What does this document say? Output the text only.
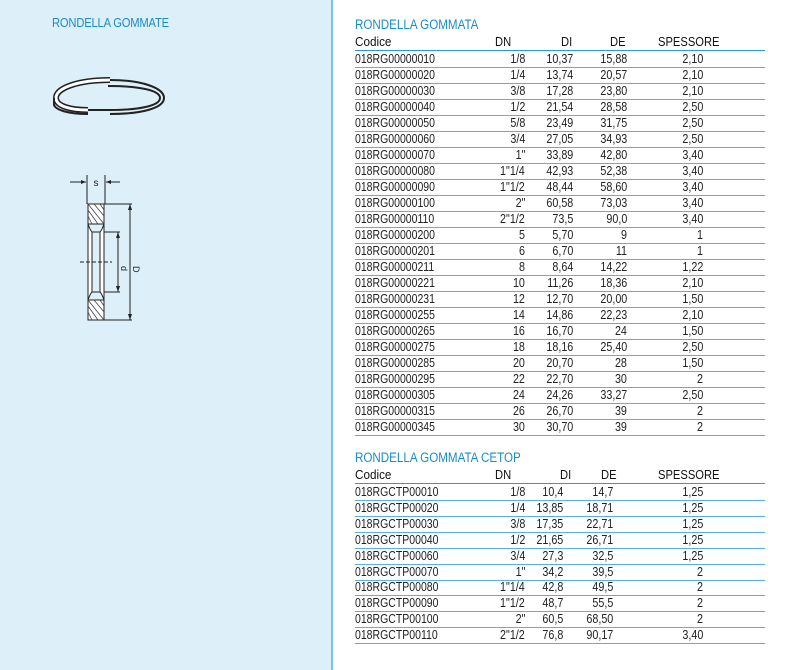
RONDELLA GOMMATE
s
d D
RONDELLA GOMMATA
Codice	DN	DI	DE SPESSORE
018RG00000010	1/8	10,37	15,88	2,10
018RG00000020	1/4	13,74	20,57	2,10
018RG00000030	3/8	17,28	23,80	2,10
018RG00000040	1/2	21,54	28,58	2,50
018RG00000050	5/8	23,49	31,75	2,50
018RG00000060	3/4	27,05	34,93	2,50
018RG00000070	1"	33,89	42,80	3,40
018RG00000080	1"1/4	42,93	52,38	3,40
018RG00000090	1"1/2	48,44	58,60	3,40
018RG00000100	2"	60,58	73,03	3,40
018RG00000110	2"1/2	73,5	90,0	3,40
018RG00000200	5	5,70	9	1
018RG00000201	6	6,70	11	1
018RG00000211	8	8,64	14,22	1,22
018RG00000221	10	11,26	18,36	2,10
018RG00000231	12	12,70	20,00	1,50
018RG00000255	14	14,86	22,23	2,10
018RG00000265	16	16,70	24	1,50
018RG00000275	18	18,16	25,40	2,50
018RG00000285	20	20,70	28	1,50
018RG00000295	22	22,70	30	2
018RG00000305	24	24,26	33,27	2,50
018RG00000315	26	26,70	39	2
018RG00000345	30	30,70	39	2
RONDELLA GOMMATA CETOP
Codice	DN	DI DE	SPESSORE
018RGCTP00010	1/8	10,4	14,7	1,25
018RGCTP00020	1/4 13,85	18,71	1,25
018RGCTP00030	3/8 17,35	22,71	1,25
018RGCTP00040	1/2 21,65	26,71	1,25
018RGCTP00060	3/4	27,3	32,5	1,25
018RGCTP00070	1"	34,2	39,5	2
018RGCTP00080	1"1/4	42,8	49,5	2
018RGCTP00090	1"1/2	48,7	55,5	2
018RGCTP00100	2"	60,5	68,50	2
018RGCTP00110	2"1/2	76,8	90,17	3,40
